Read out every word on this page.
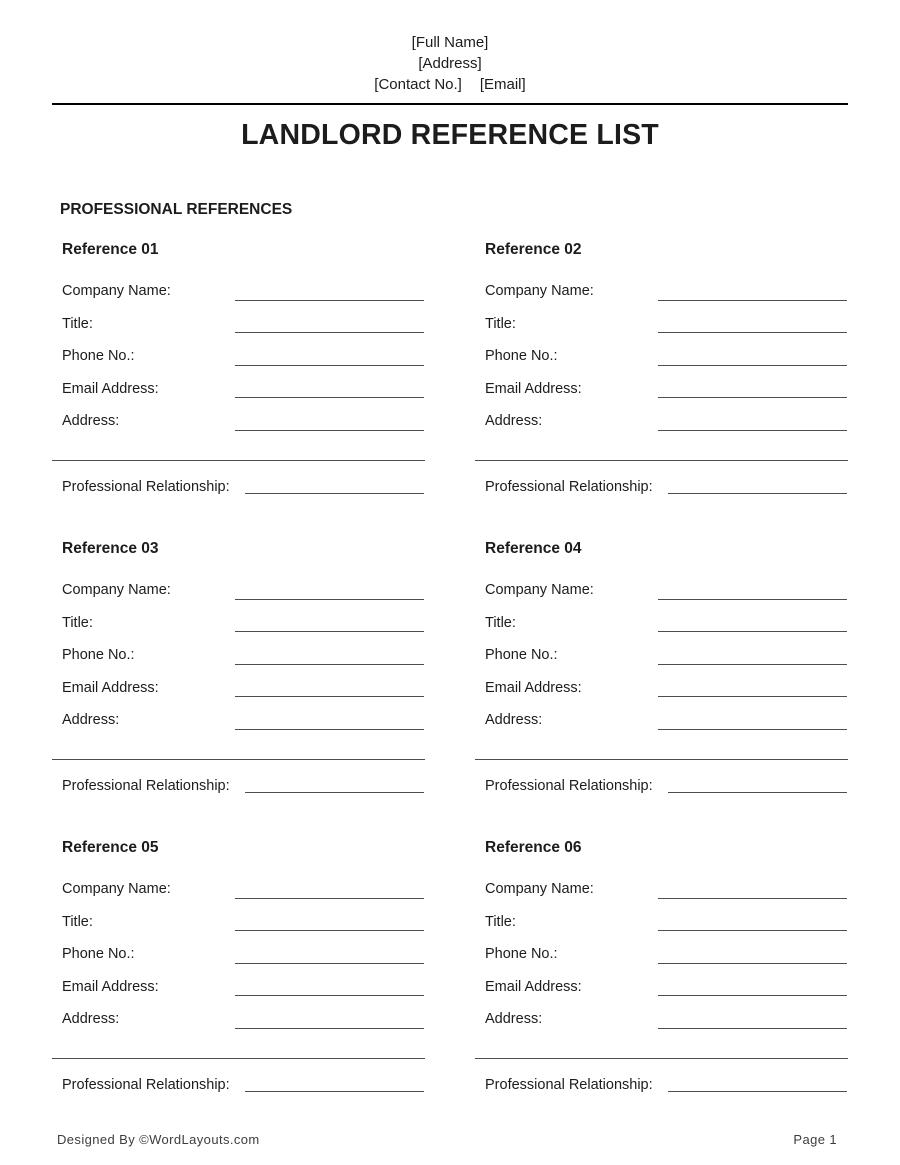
[Full Name]
[Address]
[Contact No.] [Email]
LANDLORD REFERENCE LIST
PROFESSIONAL REFERENCES
Reference 01
Company Name:
Title:
Phone No.:
Email Address:
Address:
Professional Relationship:
Reference 02
Company Name:
Title:
Phone No.:
Email Address:
Address:
Professional Relationship:
Reference 03
Company Name:
Title:
Phone No.:
Email Address:
Address:
Professional Relationship:
Reference 04
Company Name:
Title:
Phone No.:
Email Address:
Address:
Professional Relationship:
Reference 05
Company Name:
Title:
Phone No.:
Email Address:
Address:
Professional Relationship:
Reference 06
Company Name:
Title:
Phone No.:
Email Address:
Address:
Professional Relationship:
Designed By ©WordLayouts.com	Page 1
